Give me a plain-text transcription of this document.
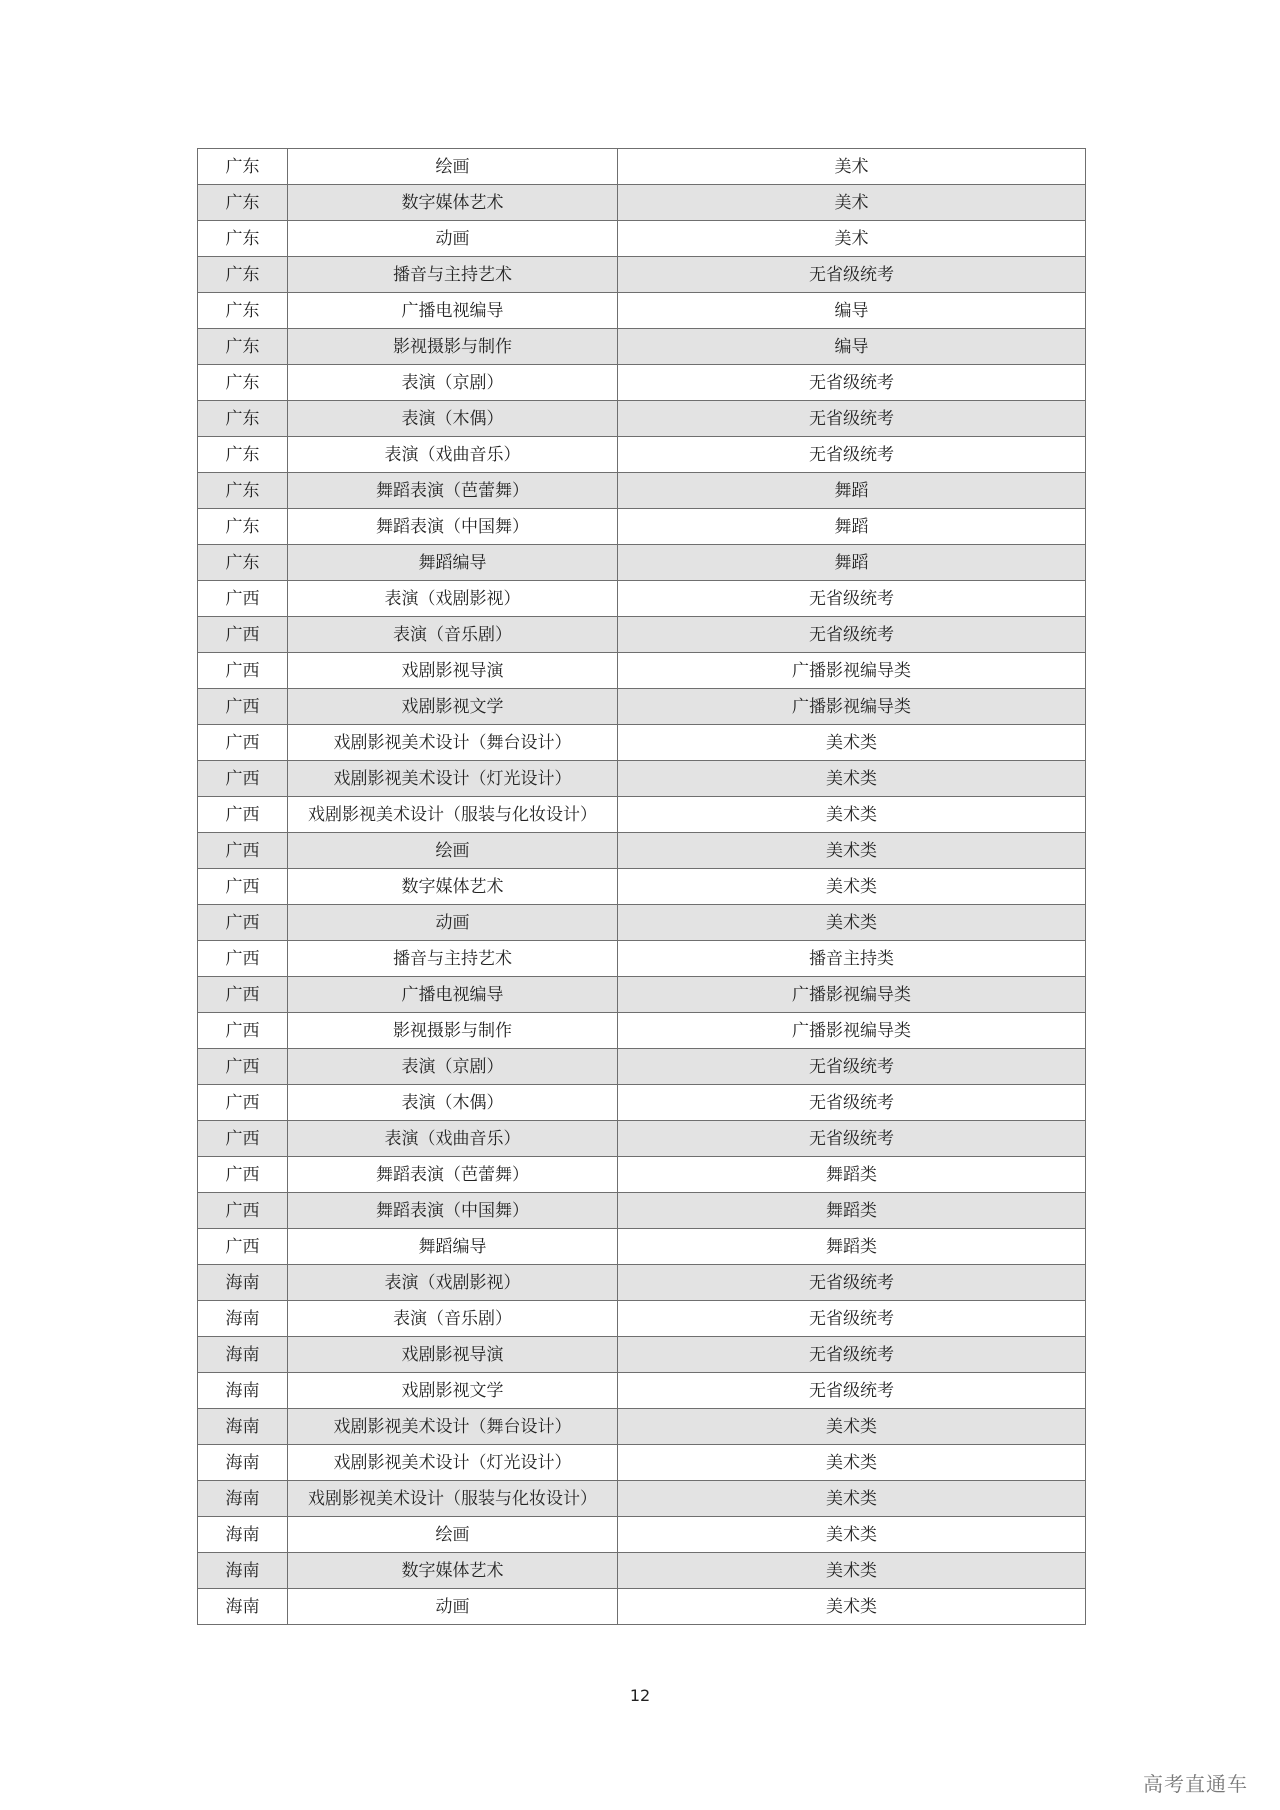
广东	绘画	美术
广东	数字媒体艺术	美术
广东	动画	美术
广东	播音与主持艺术	无省级统考
广东	广播电视编导	编导
广东	影视摄影与制作	编导
广东	表演（京剧）	无省级统考
广东	表演（木偶）	无省级统考
广东	表演（戏曲音乐）	无省级统考
广东	舞蹈表演（芭蕾舞）	舞蹈
广东	舞蹈表演（中国舞）	舞蹈
广东	舞蹈编导	舞蹈
广西	表演（戏剧影视）	无省级统考
广西	表演（音乐剧）	无省级统考
广西	戏剧影视导演	广播影视编导类
广西	戏剧影视文学	广播影视编导类
广西	戏剧影视美术设计（舞台设计）	美术类
广西	戏剧影视美术设计（灯光设计）	美术类
广西	戏剧影视美术设计（服装与化妆设计）	美术类
广西	绘画	美术类
广西	数字媒体艺术	美术类
广西	动画	美术类
广西	播音与主持艺术	播音主持类
广西	广播电视编导	广播影视编导类
广西	影视摄影与制作	广播影视编导类
广西	表演（京剧）	无省级统考
广西	表演（木偶）	无省级统考
广西	表演（戏曲音乐）	无省级统考
广西	舞蹈表演（芭蕾舞）	舞蹈类
广西	舞蹈表演（中国舞）	舞蹈类
广西	舞蹈编导	舞蹈类
海南	表演（戏剧影视）	无省级统考
海南	表演（音乐剧）	无省级统考
海南	戏剧影视导演	无省级统考
海南	戏剧影视文学	无省级统考
海南	戏剧影视美术设计（舞台设计）	美术类
海南	戏剧影视美术设计（灯光设计）	美术类
海南	戏剧影视美术设计（服装与化妆设计）	美术类
海南	绘画	美术类
海南	数字媒体艺术	美术类
海南	动画	美术类
12
高考直通车
